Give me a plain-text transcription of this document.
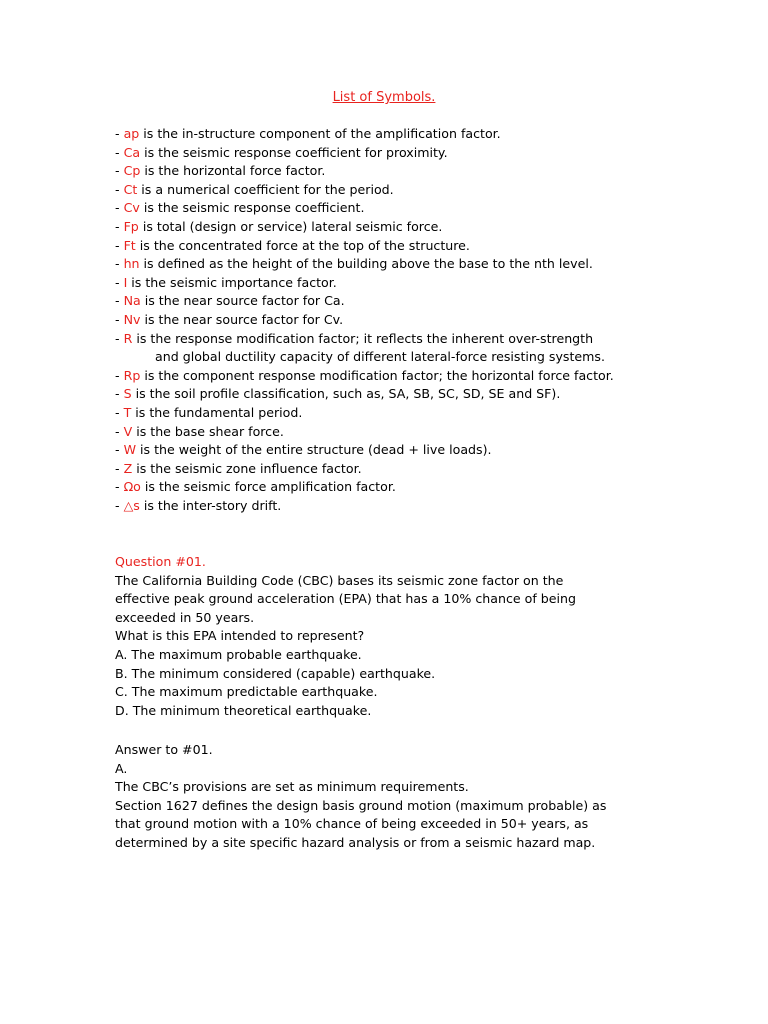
List of Symbols.
- ap is the in-structure component of the amplification factor.
- Ca is the seismic response coefficient for proximity.
- Cp is the horizontal force factor.
- Ct is a numerical coefficient for the period.
- Cv is the seismic response coefficient.
- Fp is total (design or service) lateral seismic force.
- Ft is the concentrated force at the top of the structure.
- hn is defined as the height of the building above the base to the nth level.
- I is the seismic importance factor.
- Na is the near source factor for Ca.
- Nv is the near source factor for Cv.
- R is the response modification factor; it reflects the inherent over-strength
and global ductility capacity of different lateral-force resisting systems.
- Rp is the component response modification factor; the horizontal force factor.
- S is the soil profile classification, such as, SA, SB, SC, SD, SE and SF).
- T is the fundamental period.
- V is the base shear force.
- W is the weight of the entire structure (dead + live loads).
- Z is the seismic zone influence factor.
- Ωo is the seismic force amplification factor.
- △s is the inter-story drift.
Question #01.
The California Building Code (CBC) bases its seismic zone factor on the
effective peak ground acceleration (EPA) that has a 10% chance of being
exceeded in 50 years.
What is this EPA intended to represent?
A. The maximum probable earthquake.
B. The minimum considered (capable) earthquake.
C. The maximum predictable earthquake.
D. The minimum theoretical earthquake.
Answer to #01.
A.
The CBC’s provisions are set as minimum requirements.
Section 1627 defines the design basis ground motion (maximum probable) as
that ground motion with a 10% chance of being exceeded in 50+ years, as
determined by a site specific hazard analysis or from a seismic hazard map.
